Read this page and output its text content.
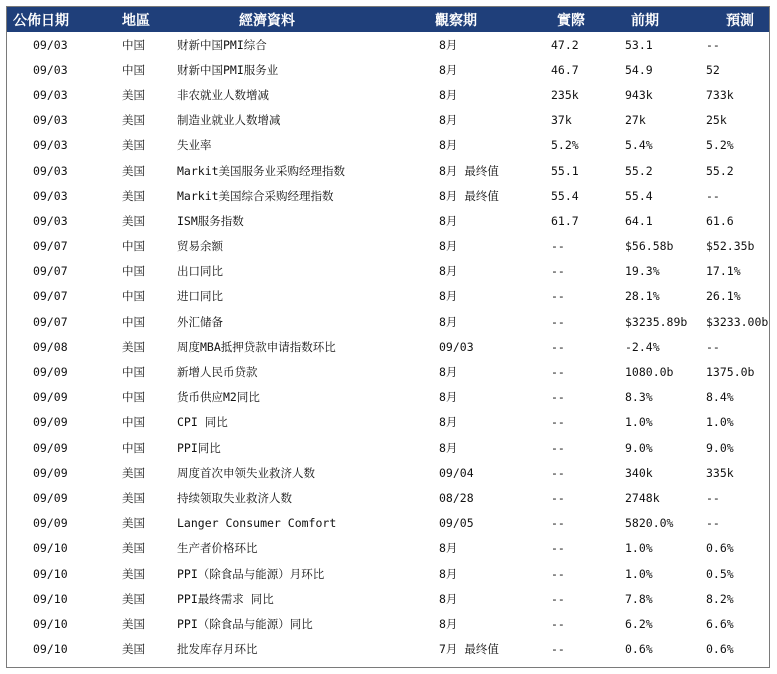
公佈日期	地區	經濟資料	觀察期	實際	前期	預測
09/03	中国	财新中国PMI综合	8月	47.2	53.1	--
09/03	中国	财新中国PMI服务业	8月	46.7	54.9	52
09/03	美国	非农就业人数增减	8月	235k	943k	733k
09/03	美国	制造业就业人数增减	8月	37k	27k	25k
09/03	美国	失业率	8月	5.2%	5.4%	5.2%
09/03	美国	Markit美国服务业采购经理指数	8月 最终值	55.1	55.2	55.2
09/03	美国	Markit美国综合采购经理指数	8月 最终值	55.4	55.4	--
09/03	美国	ISM服务指数	8月	61.7	64.1	61.6
09/07	中国	贸易余额	8月	--	$56.58b	$52.35b
09/07	中国	出口同比	8月	--	19.3%	17.1%
09/07	中国	进口同比	8月	--	28.1%	26.1%
09/07	中国	外汇储备	8月	--	$3235.89b	$3233.00b
09/08	美国	周度MBA抵押贷款申请指数环比	09/03	--	-2.4%	--
09/09	中国	新增人民币贷款	8月	--	1080.0b	1375.0b
09/09	中国	货币供应M2同比	8月	--	8.3%	8.4%
09/09	中国	CPI 同比	8月	--	1.0%	1.0%
09/09	中国	PPI同比	8月	--	9.0%	9.0%
09/09	美国	周度首次申领失业救济人数	09/04	--	340k	335k
09/09	美国	持续领取失业救济人数	08/28	--	2748k	--
09/09	美国	Langer Consumer Comfort	09/05	--	5820.0%	--
09/10	美国	生产者价格环比	8月	--	1.0%	0.6%
09/10	美国	PPI（除食品与能源）月环比	8月	--	1.0%	0.5%
09/10	美国	PPI最终需求 同比	8月	--	7.8%	8.2%
09/10	美国	PPI（除食品与能源）同比	8月	--	6.2%	6.6%
09/10	美国	批发库存月环比	7月 最终值	--	0.6%	0.6%
